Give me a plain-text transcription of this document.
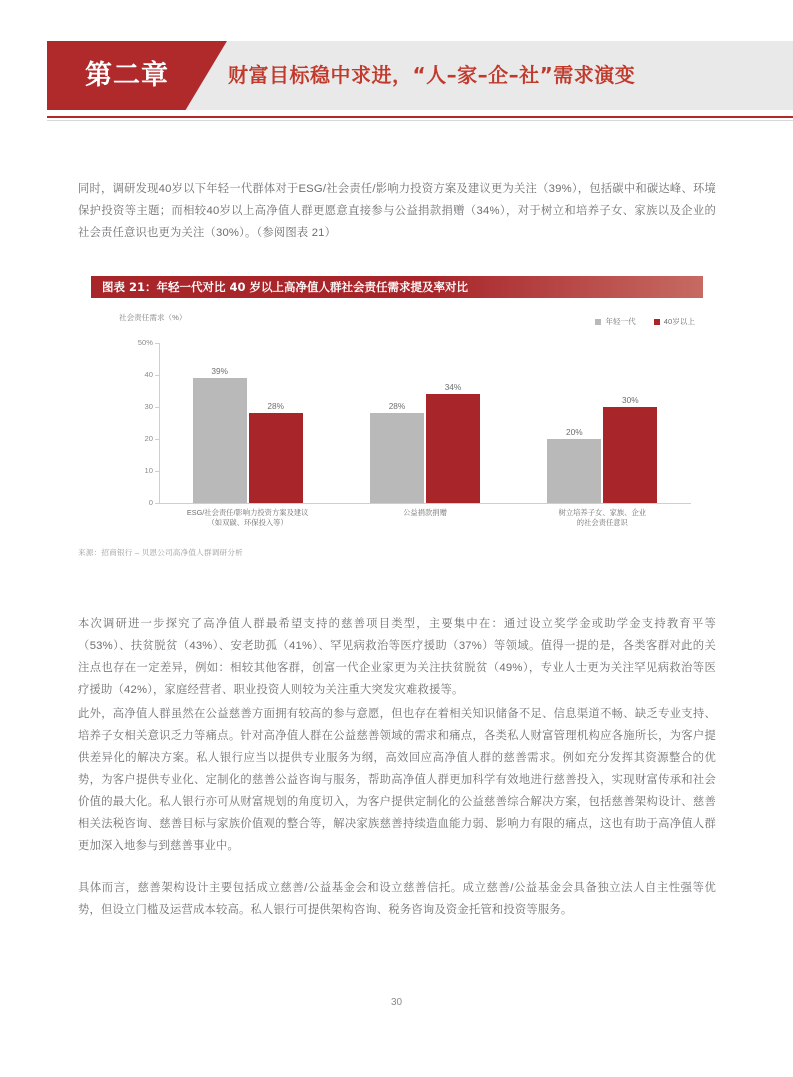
第二章	财富目标稳中求进，“人–家–企–社”需求演变

同时，调研发现40岁以下年轻一代群体对于ESG/社会责任/影响力投资方案及建议更为关注（39%），包括碳中和碳达峰、环境保护投资等主题；而相较40岁以上高净值人群更愿意直接参与公益捐款捐赠（34%），对于树立和培养子女、家族以及企业的社会责任意识也更为关注（30%）。（参阅图表 21）

图表 21：年轻一代对比 40 岁以上高净值人群社会责任需求提及率对比
社会责任需求（%）	年轻一代	40岁以上
0
10
20
30
40
50%
39%
28%
ESG/社会责任/影响力投资方案及建议
（如双碳、环保投入等）
28%
34%
公益捐款捐赠
20%
30%
树立培养子女、家族、企业
的社会责任意识
来源：招商银行 – 贝恩公司高净值人群调研分析

本次调研进一步探究了高净值人群最希望支持的慈善项目类型，主要集中在：通过设立奖学金或助学金支持教育平等（53%）、扶贫脱贫（43%）、安老助孤（41%）、罕见病救治等医疗援助（37%）等领域。值得一提的是，各类客群对此的关注点也存在一定差异，例如：相较其他客群，创富一代企业家更为关注扶贫脱贫（49%），专业人士更为关注罕见病救治等医疗援助（42%），家庭经营者、职业投资人则较为关注重大突发灾难救援等。

此外，高净值人群虽然在公益慈善方面拥有较高的参与意愿，但也存在着相关知识储备不足、信息渠道不畅、缺乏专业支持、培养子女相关意识乏力等痛点。针对高净值人群在公益慈善领域的需求和痛点，各类私人财富管理机构应各施所长，为客户提供差异化的解决方案。私人银行应当以提供专业服务为纲，高效回应高净值人群的慈善需求。例如充分发挥其资源整合的优势，为客户提供专业化、定制化的慈善公益咨询与服务，帮助高净值人群更加科学有效地进行慈善投入，实现财富传承和社会价值的最大化。私人银行亦可从财富规划的角度切入，为客户提供定制化的公益慈善综合解决方案，包括慈善架构设计、慈善相关法税咨询、慈善目标与家族价值观的整合等，解决家族慈善持续造血能力弱、影响力有限的痛点，这也有助于高净值人群更加深入地参与到慈善事业中。

具体而言，慈善架构设计主要包括成立慈善/公益基金会和设立慈善信托。成立慈善/公益基金会具备独立法人自主性强等优势，但设立门槛及运营成本较高。私人银行可提供架构咨询、税务咨询及资金托管和投资等服务。

30
